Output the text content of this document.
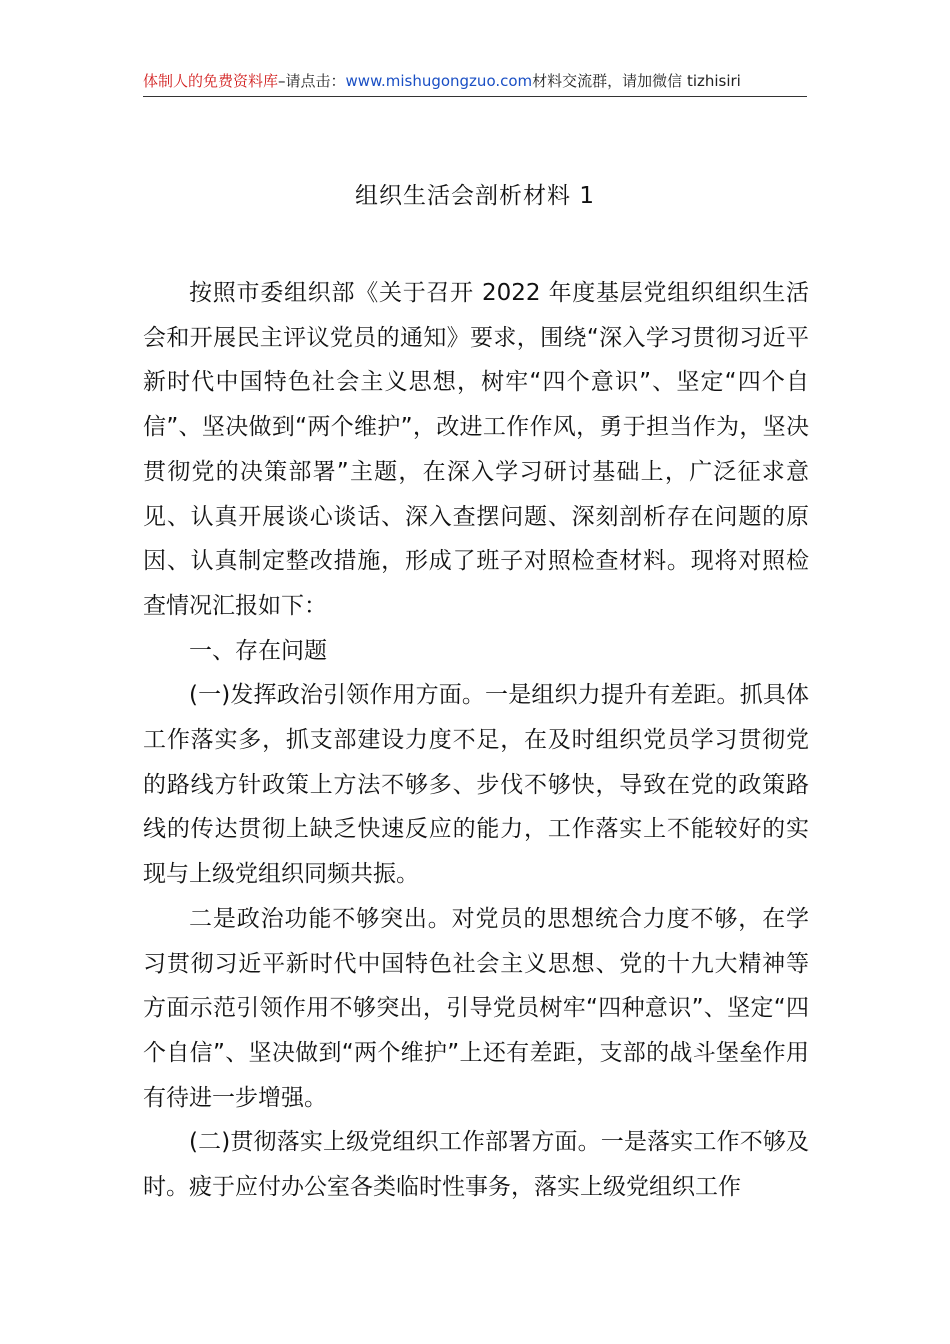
体制人的免费资料库–请点击：www.mishugongzuo.com材料交流群，请加微信 tizhisiri
组织生活会剖析材料 1

按照市委组织部《关于召开 2022 年度基层党组织组织生活会和开展民主评议党员的通知》要求，围绕“深入学习贯彻习近平新时代中国特色社会主义思想，树牢“四个意识”、坚定“四个自信”、坚决做到“两个维护”，改进工作作风，勇于担当作为，坚决贯彻党的决策部署”主题，在深入学习研讨基础上，广泛征求意见、认真开展谈心谈话、深入查摆问题、深刻剖析存在问题的原因、认真制定整改措施，形成了班子对照检查材料。现将对照检查情况汇报如下：

一、存在问题

(一)发挥政治引领作用方面。一是组织力提升有差距。抓具体工作落实多，抓支部建设力度不足，在及时组织党员学习贯彻党的路线方针政策上方法不够多、步伐不够快，导致在党的政策路线的传达贯彻上缺乏快速反应的能力，工作落实上不能较好的实现与上级党组织同频共振。

二是政治功能不够突出。对党员的思想统合力度不够，在学习贯彻习近平新时代中国特色社会主义思想、党的十九大精神等方面示范引领作用不够突出，引导党员树牢“四种意识”、坚定“四个自信”、坚决做到“两个维护”上还有差距，支部的战斗堡垒作用有待进一步增强。

(二)贯彻落实上级党组织工作部署方面。一是落实工作不够及时。疲于应付办公室各类临时性事务，落实上级党组织工作
